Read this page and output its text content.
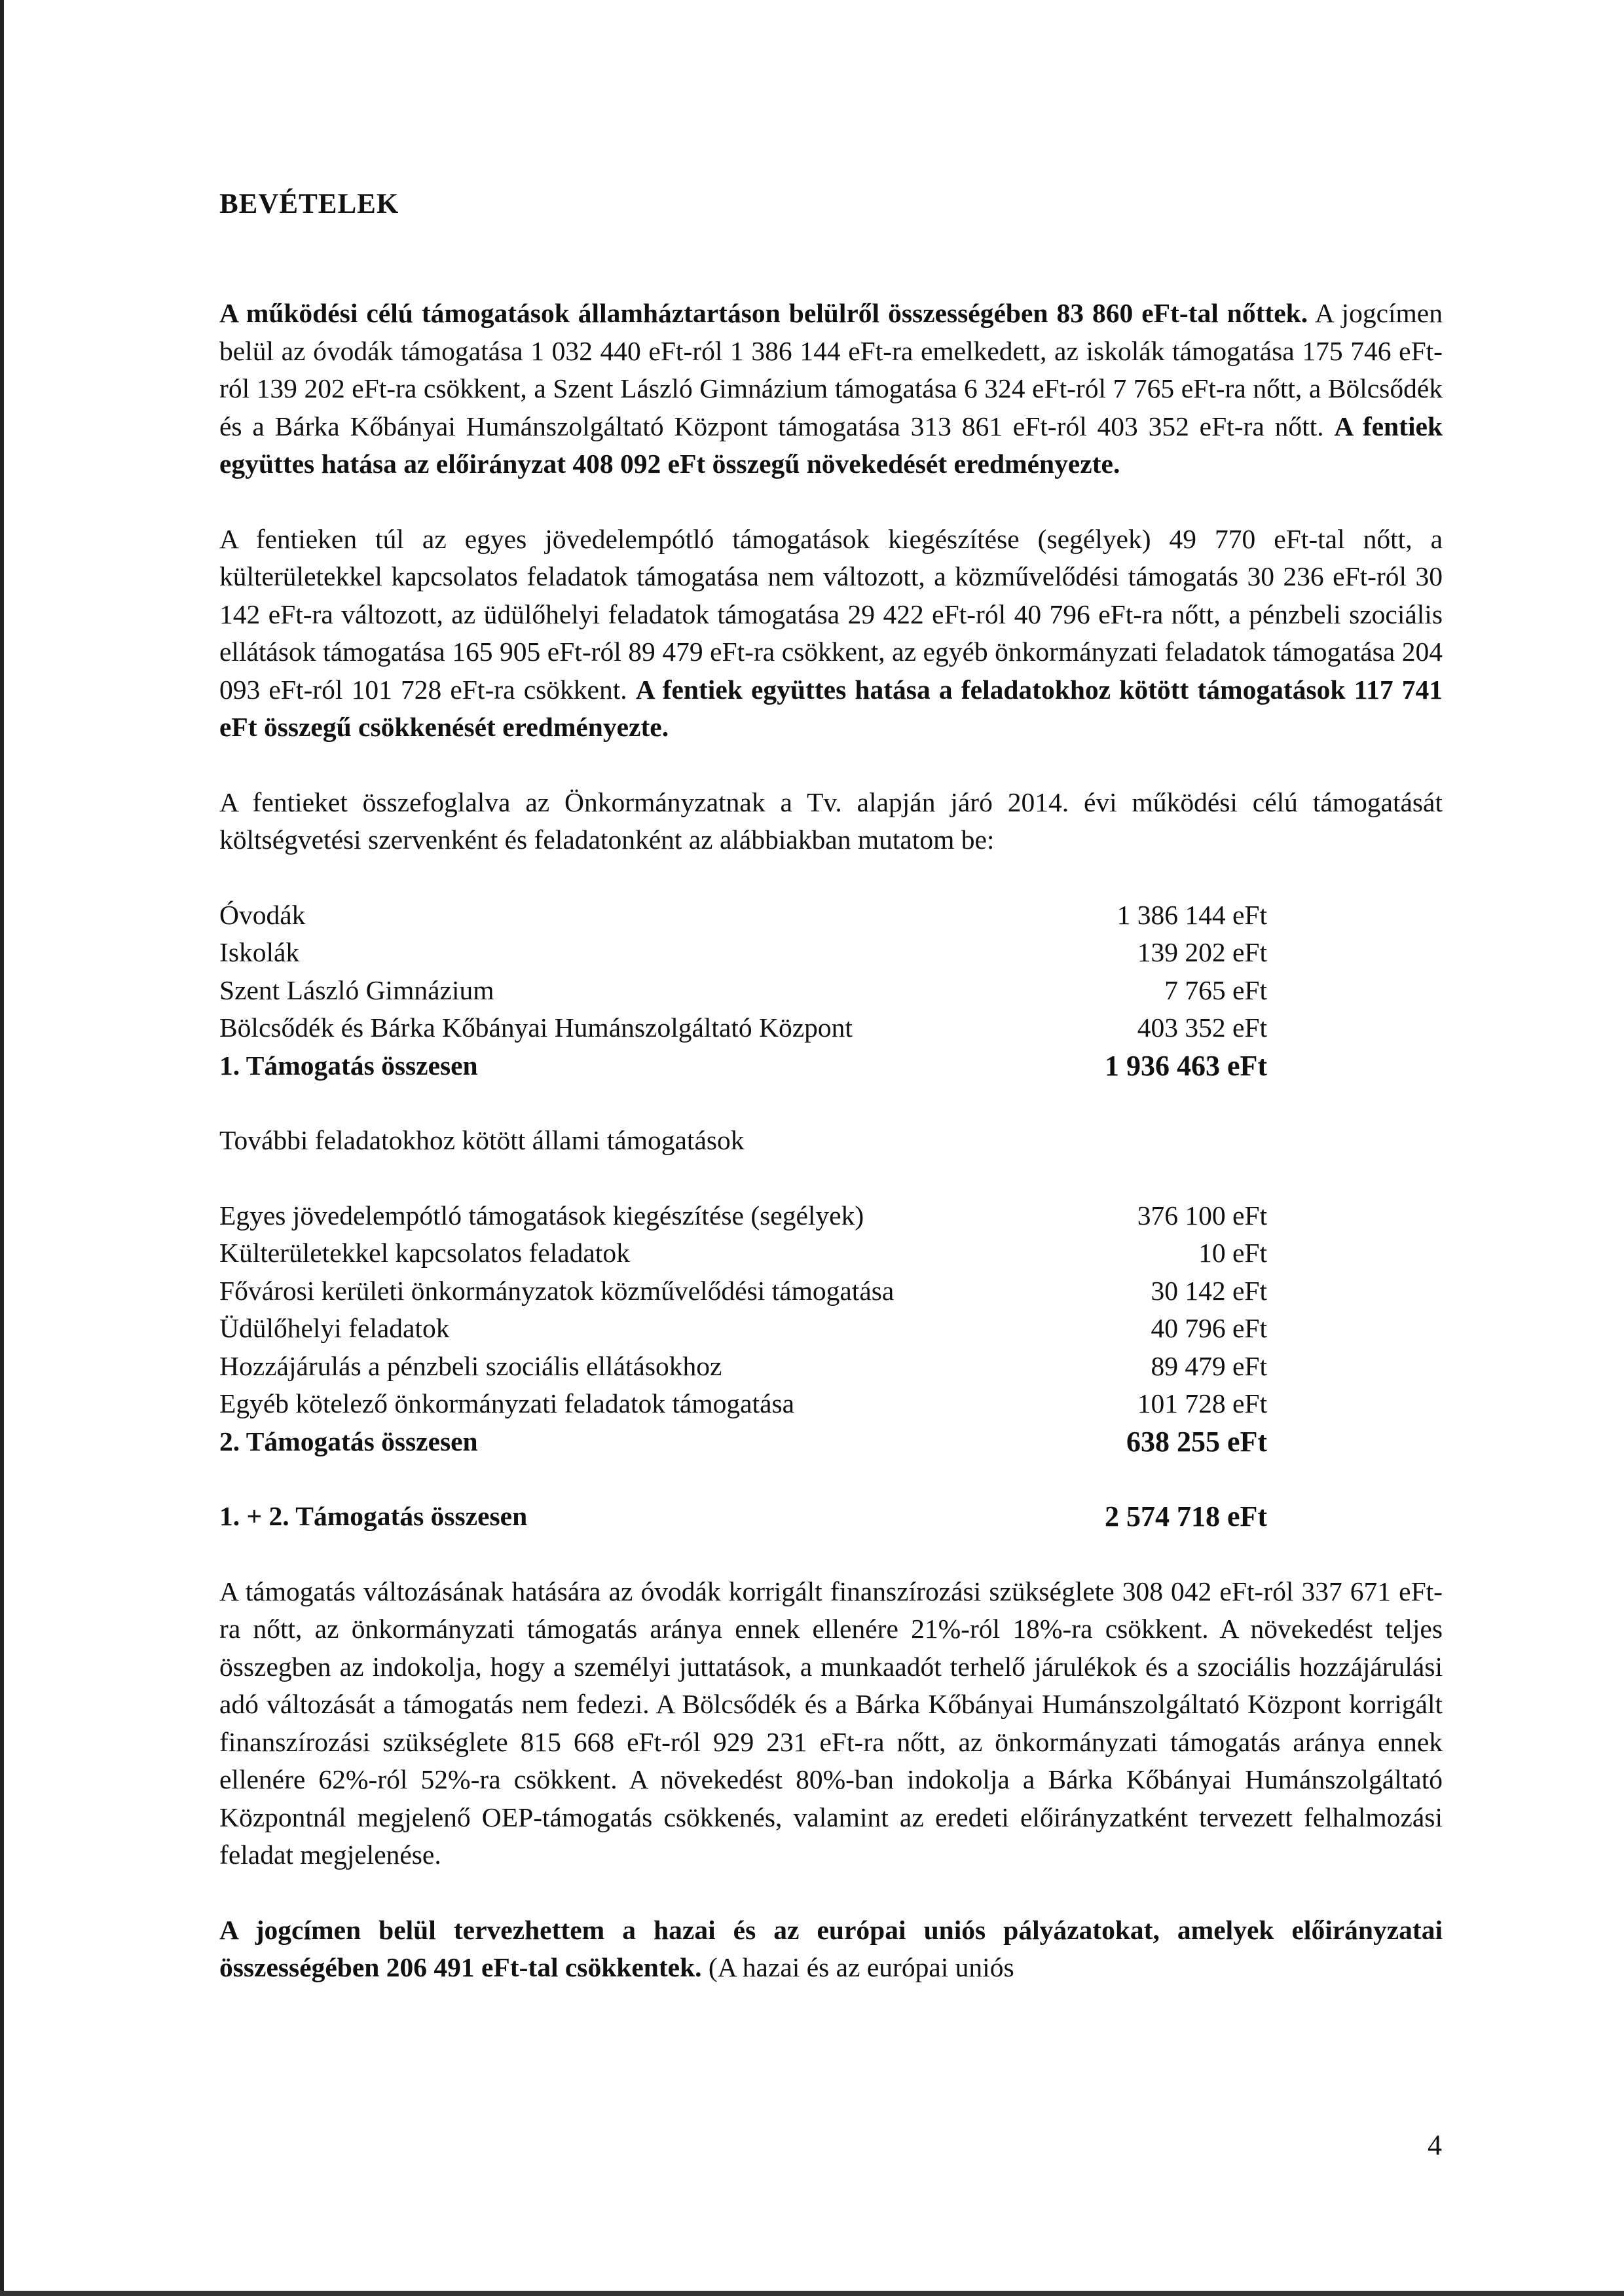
BEVÉTELEK

A működési célú támogatások államháztartáson belülről összességében 83 860 eFt-tal nőttek. A jogcímen belül az óvodák támogatása 1 032 440 eFt-ról 1 386 144 eFt-ra emelkedett, az iskolák támogatása 175 746 eFt-ról 139 202 eFt-ra csökkent, a Szent László Gimnázium támogatása 6 324 eFt-ról 7 765 eFt-ra nőtt, a Bölcsődék és a Bárka Kőbányai Humánszolgáltató Központ támogatása 313 861 eFt-ról 403 352 eFt-ra nőtt. A fentiek együttes hatása az előirányzat 408 092 eFt összegű növekedését eredményezte.

A fentieken túl az egyes jövedelempótló támogatások kiegészítése (segélyek) 49 770 eFt-tal nőtt, a külterületekkel kapcsolatos feladatok támogatása nem változott, a közművelődési támogatás 30 236 eFt-ról 30 142 eFt-ra változott, az üdülőhelyi feladatok támogatása 29 422 eFt-ról 40 796 eFt-ra nőtt, a pénzbeli szociális ellátások támogatása 165 905 eFt-ról 89 479 eFt-ra csökkent, az egyéb önkormányzati feladatok támogatása 204 093 eFt-ról 101 728 eFt-ra csökkent. A fentiek együttes hatása a feladatokhoz kötött támogatások 117 741 eFt összegű csökkenését eredményezte.

A fentieket összefoglalva az Önkormányzatnak a Tv. alapján járó 2014. évi működési célú támogatását költségvetési szervenként és feladatonként az alábbiakban mutatom be:

Óvodák	1 386 144 eFt
Iskolák	139 202 eFt
Szent László Gimnázium	7 765 eFt
Bölcsődék és Bárka Kőbányai Humánszolgáltató Központ	403 352 eFt
1. Támogatás összesen	1 936 463 eFt

További feladatokhoz kötött állami támogatások

Egyes jövedelempótló támogatások kiegészítése (segélyek)	376 100 eFt
Külterületekkel kapcsolatos feladatok	10 eFt
Fővárosi kerületi önkormányzatok közművelődési támogatása	30 142 eFt
Üdülőhelyi feladatok	40 796 eFt
Hozzájárulás a pénzbeli szociális ellátásokhoz	89 479 eFt
Egyéb kötelező önkormányzati feladatok támogatása	101 728 eFt
2. Támogatás összesen	638 255 eFt
1. + 2. Támogatás összesen	2 574 718 eFt

A támogatás változásának hatására az óvodák korrigált finanszírozási szükséglete 308 042 eFt-ról 337 671 eFt-ra nőtt, az önkormányzati támogatás aránya ennek ellenére 21%-ról 18%-ra csökkent. A növekedést teljes összegben az indokolja, hogy a személyi juttatások, a munkaadót terhelő járulékok és a szociális hozzájárulási adó változását a támogatás nem fedezi. A Bölcsődék és a Bárka Kőbányai Humánszolgáltató Központ korrigált finanszírozási szükséglete 815 668 eFt-ról 929 231 eFt-ra nőtt, az önkormányzati támogatás aránya ennek ellenére 62%-ról 52%-ra csökkent. A növekedést 80%-ban indokolja a Bárka Kőbányai Humánszolgáltató Központnál megjelenő OEP-támogatás csökkenés, valamint az eredeti előirányzatként tervezett felhalmozási feladat megjelenése.

A jogcímen belül tervezhettem a hazai és az európai uniós pályázatokat, amelyek előirányzatai összességében 206 491 eFt-tal csökkentek. (A hazai és az európai uniós

4
